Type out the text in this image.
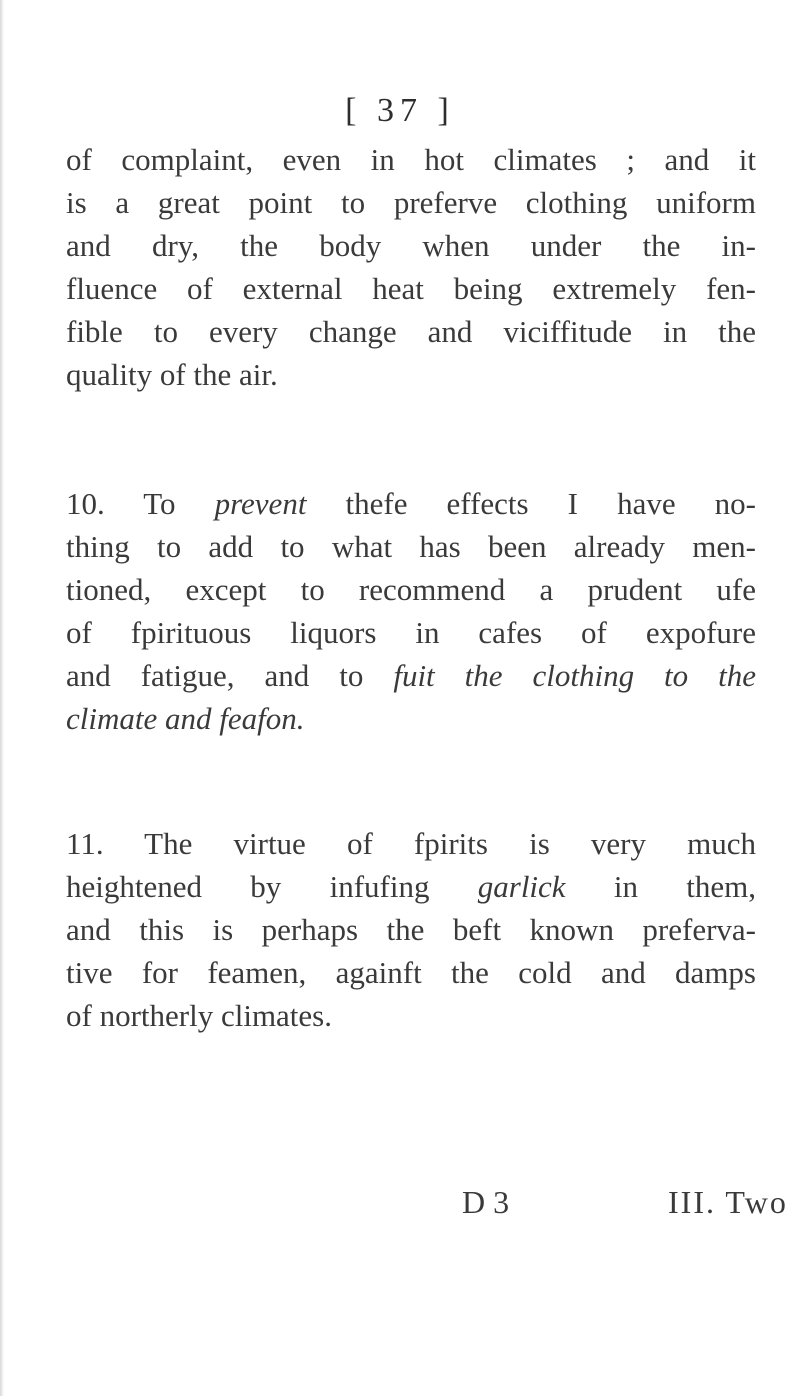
[ 37 ]
of complaint, even in hot climates ; and it
is a great point to preferve clothing uniform
and dry, the body when under the in-
fluence of external heat being extremely fen-
fible to every change and viciffitude in the
quality of the air.
10. To prevent thefe effects I have no-
thing to add to what has been already men-
tioned, except to recommend a prudent ufe
of fpirituous liquors in cafes of expofure
and fatigue, and to fuit the clothing to the
climate and feafon.
11. The virtue of fpirits is very much
heightened by infufing garlick in them,
and this is perhaps the beft known preferva-
tive for feamen, againft the cold and damps
of northerly climates.
D 3	III. Two
